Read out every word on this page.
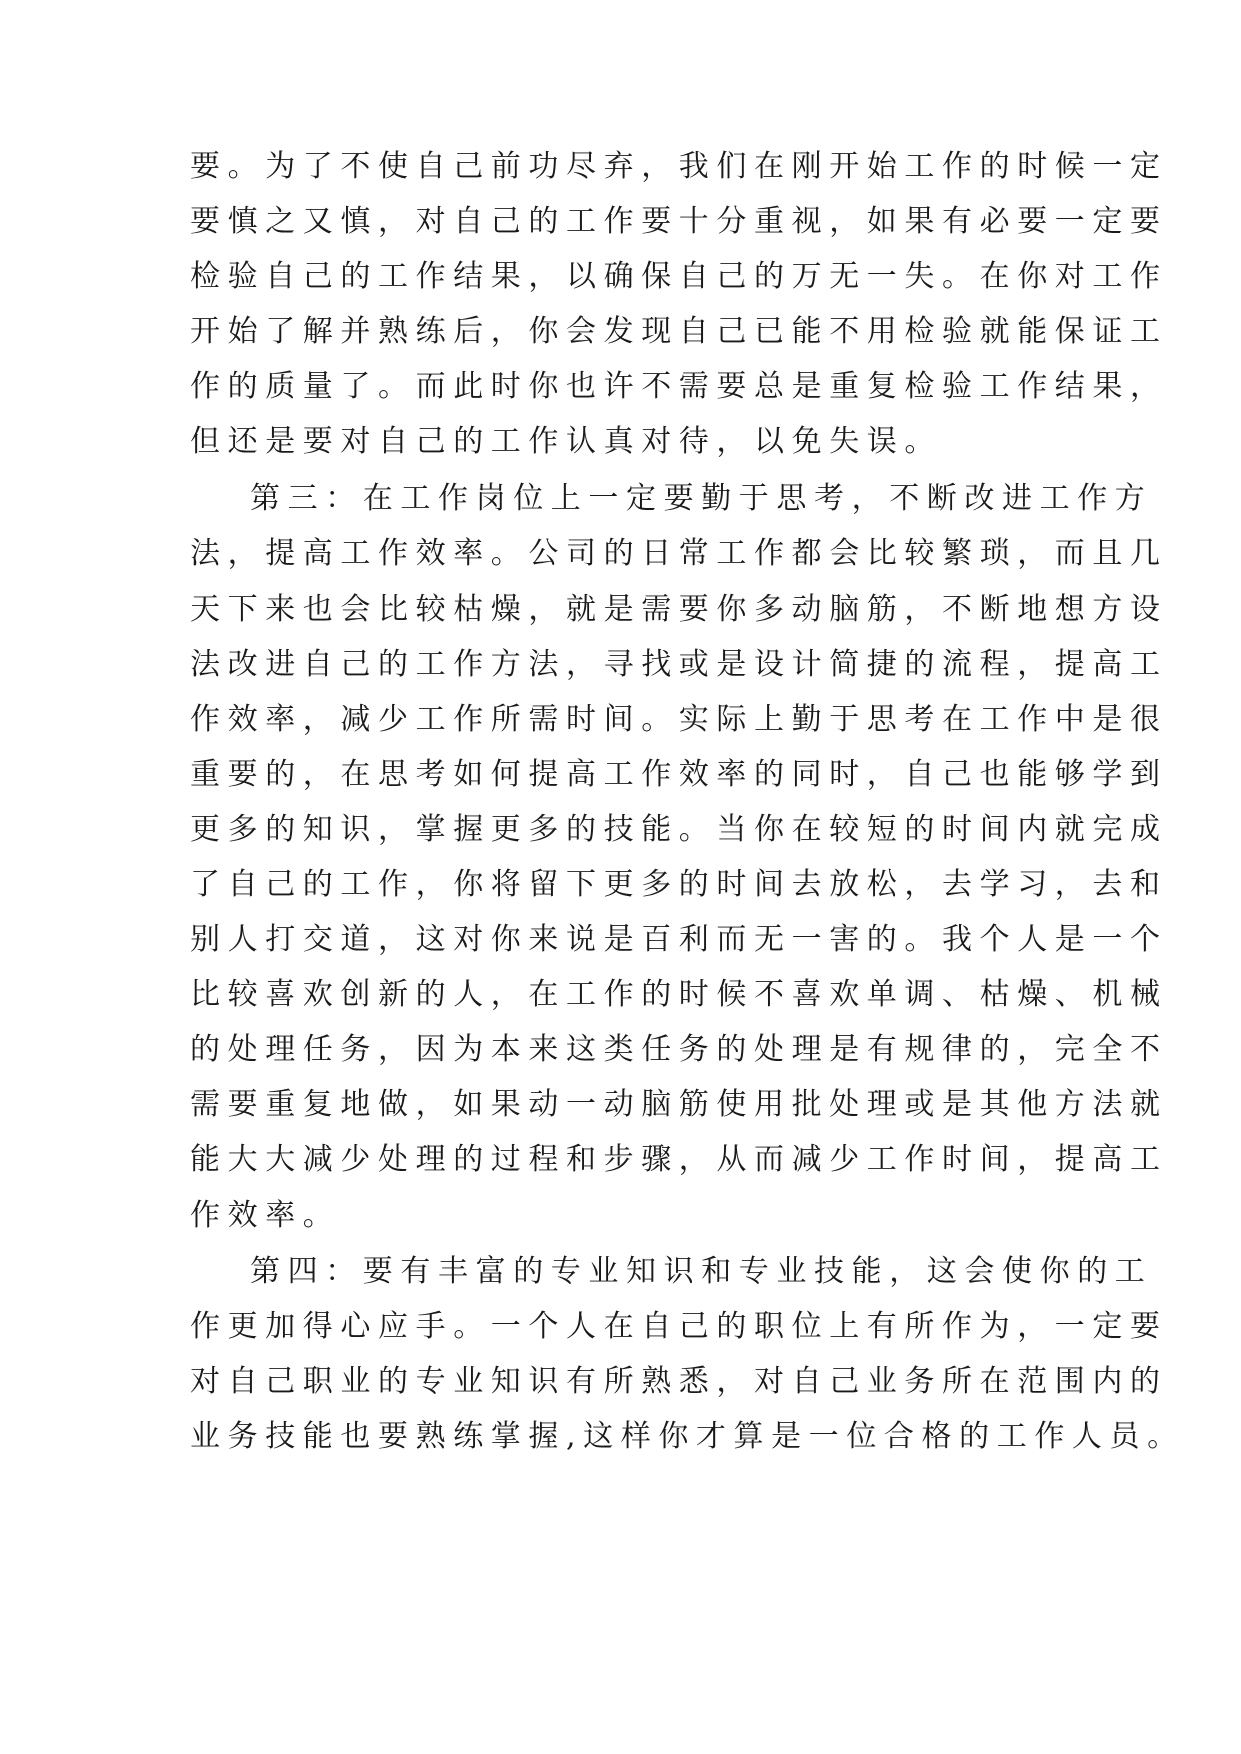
要。为了不使自己前功尽弃，我们在刚开始工作的时候一定
要慎之又慎，对自己的工作要十分重视，如果有必要一定要
检验自己的工作结果，以确保自己的万无一失。在你对工作
开始了解并熟练后，你会发现自己已能不用检验就能保证工
作的质量了。而此时你也许不需要总是重复检验工作结果，
但还是要对自己的工作认真对待，以免失误。
第三：在工作岗位上一定要勤于思考，不断改进工作方
法，提高工作效率。公司的日常工作都会比较繁琐，而且几
天下来也会比较枯燥，就是需要你多动脑筋，不断地想方设
法改进自己的工作方法，寻找或是设计简捷的流程，提高工
作效率，减少工作所需时间。实际上勤于思考在工作中是很
重要的，在思考如何提高工作效率的同时，自己也能够学到
更多的知识，掌握更多的技能。当你在较短的时间内就完成
了自己的工作，你将留下更多的时间去放松，去学习，去和
别人打交道，这对你来说是百利而无一害的。我个人是一个
比较喜欢创新的人，在工作的时候不喜欢单调、枯燥、机械
的处理任务，因为本来这类任务的处理是有规律的，完全不
需要重复地做，如果动一动脑筋使用批处理或是其他方法就
能大大减少处理的过程和步骤，从而减少工作时间，提高工
作效率。
第四：要有丰富的专业知识和专业技能，这会使你的工
作更加得心应手。一个人在自己的职位上有所作为，一定要
对自己职业的专业知识有所熟悉，对自己业务所在范围内的
业务技能也要熟练掌握,这样你才算是一位合格的工作人员。
